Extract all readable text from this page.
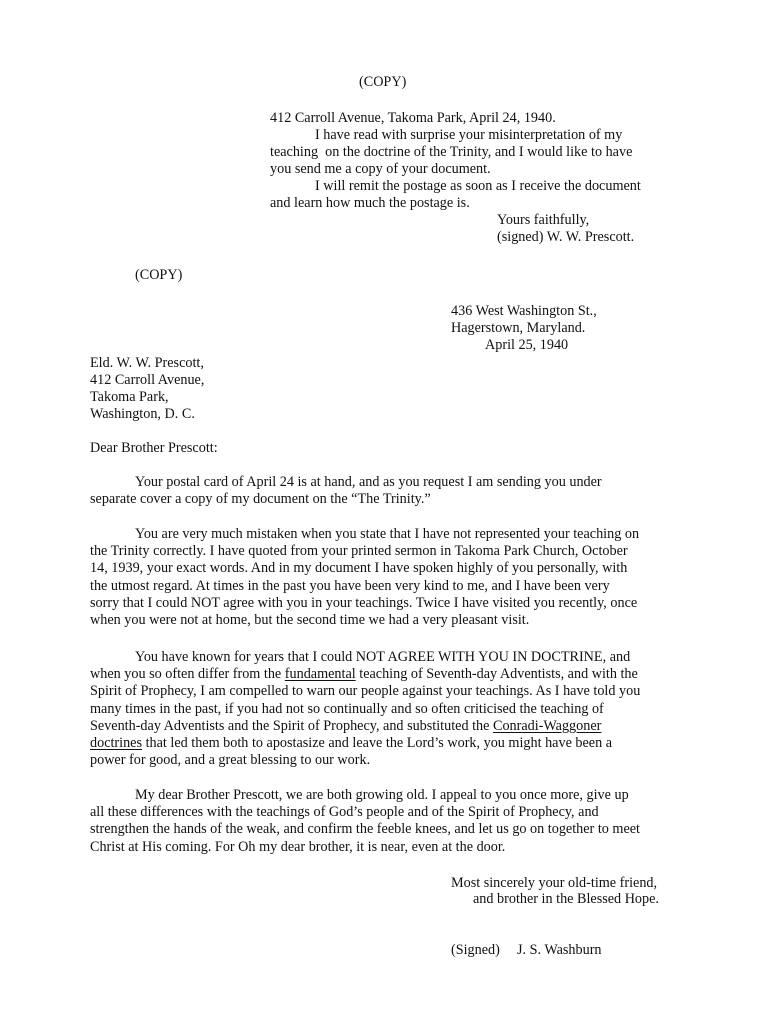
(COPY)
412 Carroll Avenue, Takoma Park, April 24, 1940.
I have read with surprise your misinterpretation of my
teaching  on the doctrine of the Trinity, and I would like to have
you send me a copy of your document.
I will remit the postage as soon as I receive the document
and learn how much the postage is.
Yours faithfully,
(signed) W. W. Prescott.
(COPY)
436 West Washington St.,
Hagerstown, Maryland.
April 25, 1940
Eld. W. W. Prescott,
412 Carroll Avenue,
Takoma Park,
Washington, D. C.
Dear Brother Prescott:
Your postal card of April 24 is at hand, and as you request I am sending you under
separate cover a copy of my document on the “The Trinity.”
You are very much mistaken when you state that I have not represented your teaching on
the Trinity correctly. I have quoted from your printed sermon in Takoma Park Church, October
14, 1939, your exact words. And in my document I have spoken highly of you personally, with
the utmost regard. At times in the past you have been very kind to me, and I have been very
sorry that I could NOT agree with you in your teachings. Twice I have visited you recently, once
when you were not at home, but the second time we had a very pleasant visit.
You have known for years that I could NOT AGREE WITH YOU IN DOCTRINE, and
when you so often differ from the fundamental teaching of Seventh-day Adventists, and with the
Spirit of Prophecy, I am compelled to warn our people against your teachings. As I have told you
many times in the past, if you had not so continually and so often criticised the teaching of
Seventh-day Adventists and the Spirit of Prophecy, and substituted the Conradi-Waggoner
doctrines that led them both to apostasize and leave the Lord’s work, you might have been a
power for good, and a great blessing to our work.
My dear Brother Prescott, we are both growing old. I appeal to you once more, give up
all these differences with the teachings of God’s people and of the Spirit of Prophecy, and
strengthen the hands of the weak, and confirm the feeble knees, and let us go on together to meet
Christ at His coming. For Oh my dear brother, it is near, even at the door.
Most sincerely your old-time friend,
and brother in the Blessed Hope.
(Signed) J. S. Washburn
